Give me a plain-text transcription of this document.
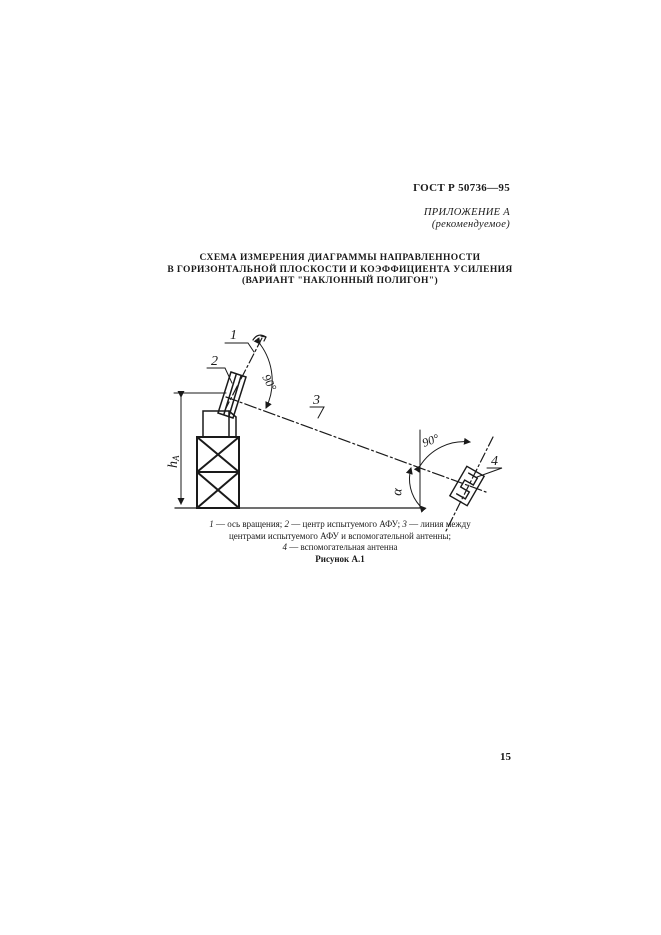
ГОСТ Р 50736—95
ПРИЛОЖЕНИЕ А
(рекомендуемое)
СХЕМА ИЗМЕРЕНИЯ ДИАГРАММЫ НАПРАВЛЕННОСТИ
В ГОРИЗОНТАЛЬНОЙ ПЛОСКОСТИ И КОЭФФИЦИЕНТА УСИЛЕНИЯ
(ВАРИАНТ "НАКЛОННЫЙ ПОЛИГОН")
1
2
3
4
90°
90°
α
hА
1 — ось вращения; 2 — центр испытуемого АФУ; 3 — линия между
центрами испытуемого АФУ и вспомогательной антенны;
4 — вспомогательная антенна
Рисунок А.1
15
